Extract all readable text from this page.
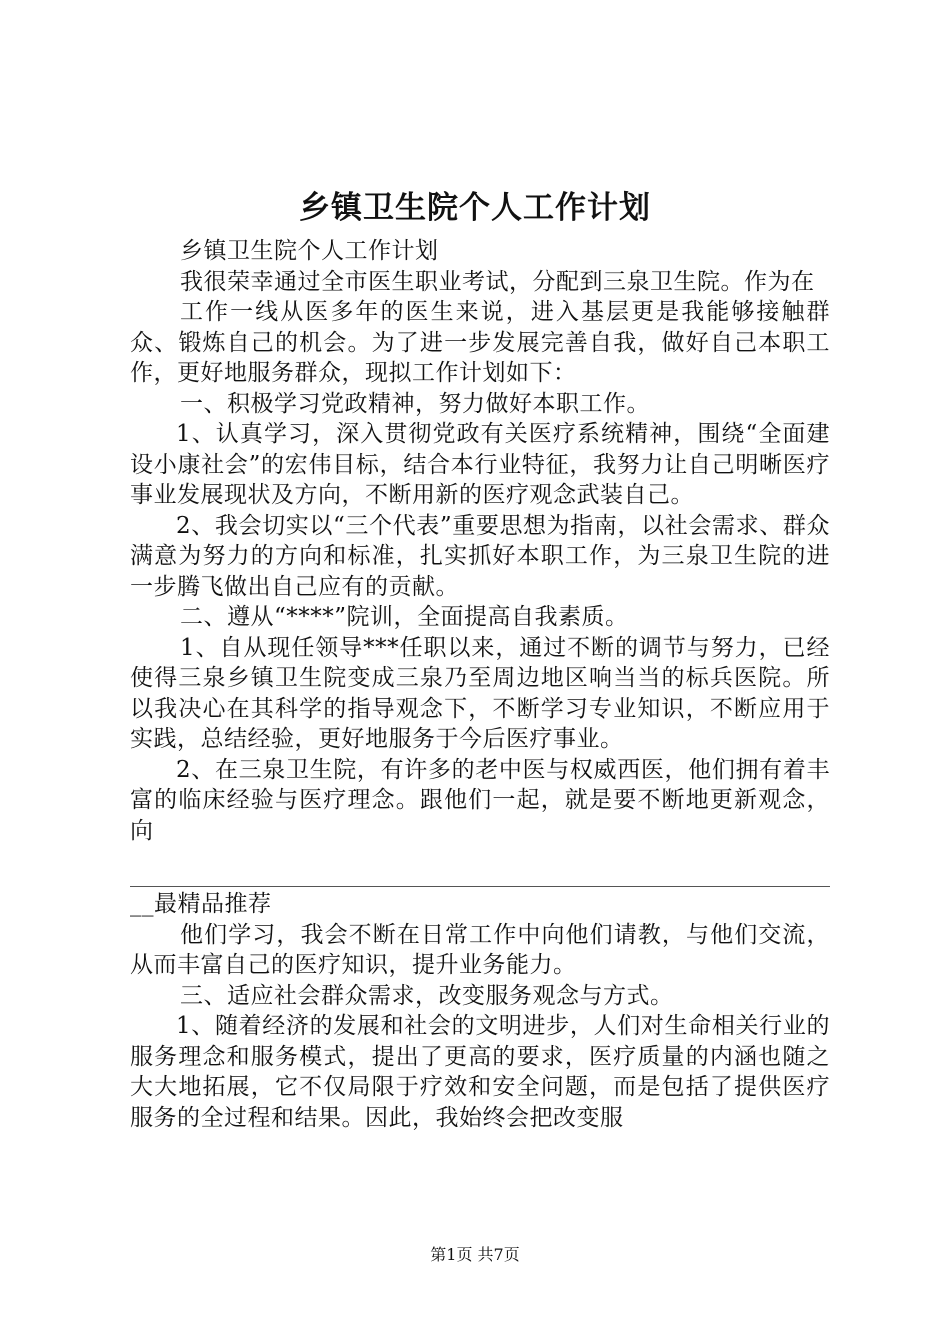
乡镇卫生院个人工作计划

乡镇卫生院个人工作计划

我很荣幸通过全市医生职业考试，分配到三泉卫生院。作为在

工作一线从医多年的医生来说，进入基层更是我能够接触群众、锻炼自己的机会。为了进一步发展完善自我，做好自己本职工作，更好地服务群众，现拟工作计划如下：

一、积极学习党政精神，努力做好本职工作。

1、认真学习，深入贯彻党政有关医疗系统精神，围绕“全面建设小康社会”的宏伟目标，结合本行业特征，我努力让自己明晰医疗事业发展现状及方向，不断用新的医疗观念武装自己。

2、我会切实以“三个代表”重要思想为指南，以社会需求、群众满意为努力的方向和标准，扎实抓好本职工作，为三泉卫生院的进一步腾飞做出自己应有的贡献。

二、遵从“****”院训，全面提高自我素质。

1、自从现任领导***任职以来，通过不断的调节与努力，已经使得三泉乡镇卫生院变成三泉乃至周边地区响当当的标兵医院。所以我决心在其科学的指导观念下，不断学习专业知识，不断应用于实践，总结经验，更好地服务于今后医疗事业。

2、在三泉卫生院，有许多的老中医与权威西医，他们拥有着丰富的临床经验与医疗理念。跟他们一起，就是要不断地更新观念，向

__最精品推荐

他们学习，我会不断在日常工作中向他们请教，与他们交流，从而丰富自己的医疗知识，提升业务能力。

三、适应社会群众需求，改变服务观念与方式。

1、随着经济的发展和社会的文明进步，人们对生命相关行业的服务理念和服务模式，提出了更高的要求，医疗质量的内涵也随之大大地拓展，它不仅局限于疗效和安全问题，而是包括了提供医疗服务的全过程和结果。因此，我始终会把改变服

第1页 共7页
